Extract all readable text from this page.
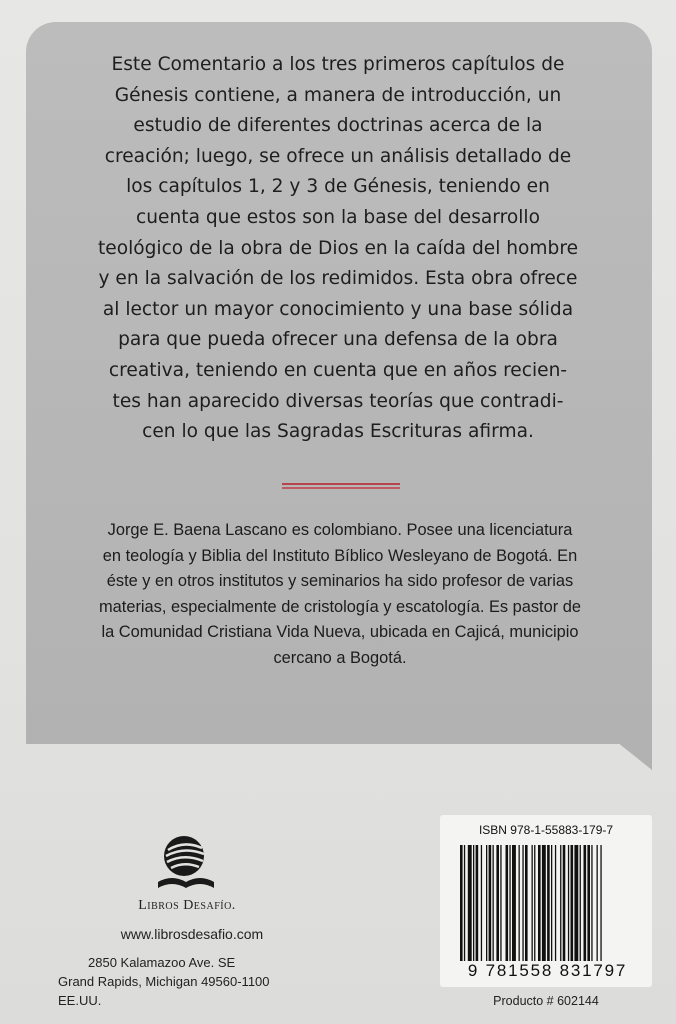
Este Comentario a los tres primeros capítulos de
Génesis contiene, a manera de introducción, un
estudio de diferentes doctrinas acerca de la
creación; luego, se ofrece un análisis detallado de
los capítulos 1, 2 y 3 de Génesis, teniendo en
cuenta que estos son la base del desarrollo
teológico de la obra de Dios en la caída del hombre
y en la salvación de los redimidos. Esta obra ofrece
al lector un mayor conocimiento y una base sólida
para que pueda ofrecer una defensa de la obra
creativa, teniendo en cuenta que en años recien-
tes han aparecido diversas teorías que contradi-
cen lo que las Sagradas Escrituras afirma.

Jorge E. Baena Lascano es colombiano. Posee una licenciatura
en teología y Biblia del Instituto Bíblico Wesleyano de Bogotá. En
éste y en otros institutos y seminarios ha sido profesor de varias
materias, especialmente de cristología y escatología. Es pastor de
la Comunidad Cristiana Vida Nueva, ubicada en Cajicá, municipio
cercano a Bogotá.
Libros Desafío.
www.librosdesafio.com
2850 Kalamazoo Ave. SE
Grand Rapids, Michigan 49560-1100
EE.UU.
ISBN 978-1-55883-179-7
9 781558 831797
Producto # 602144
